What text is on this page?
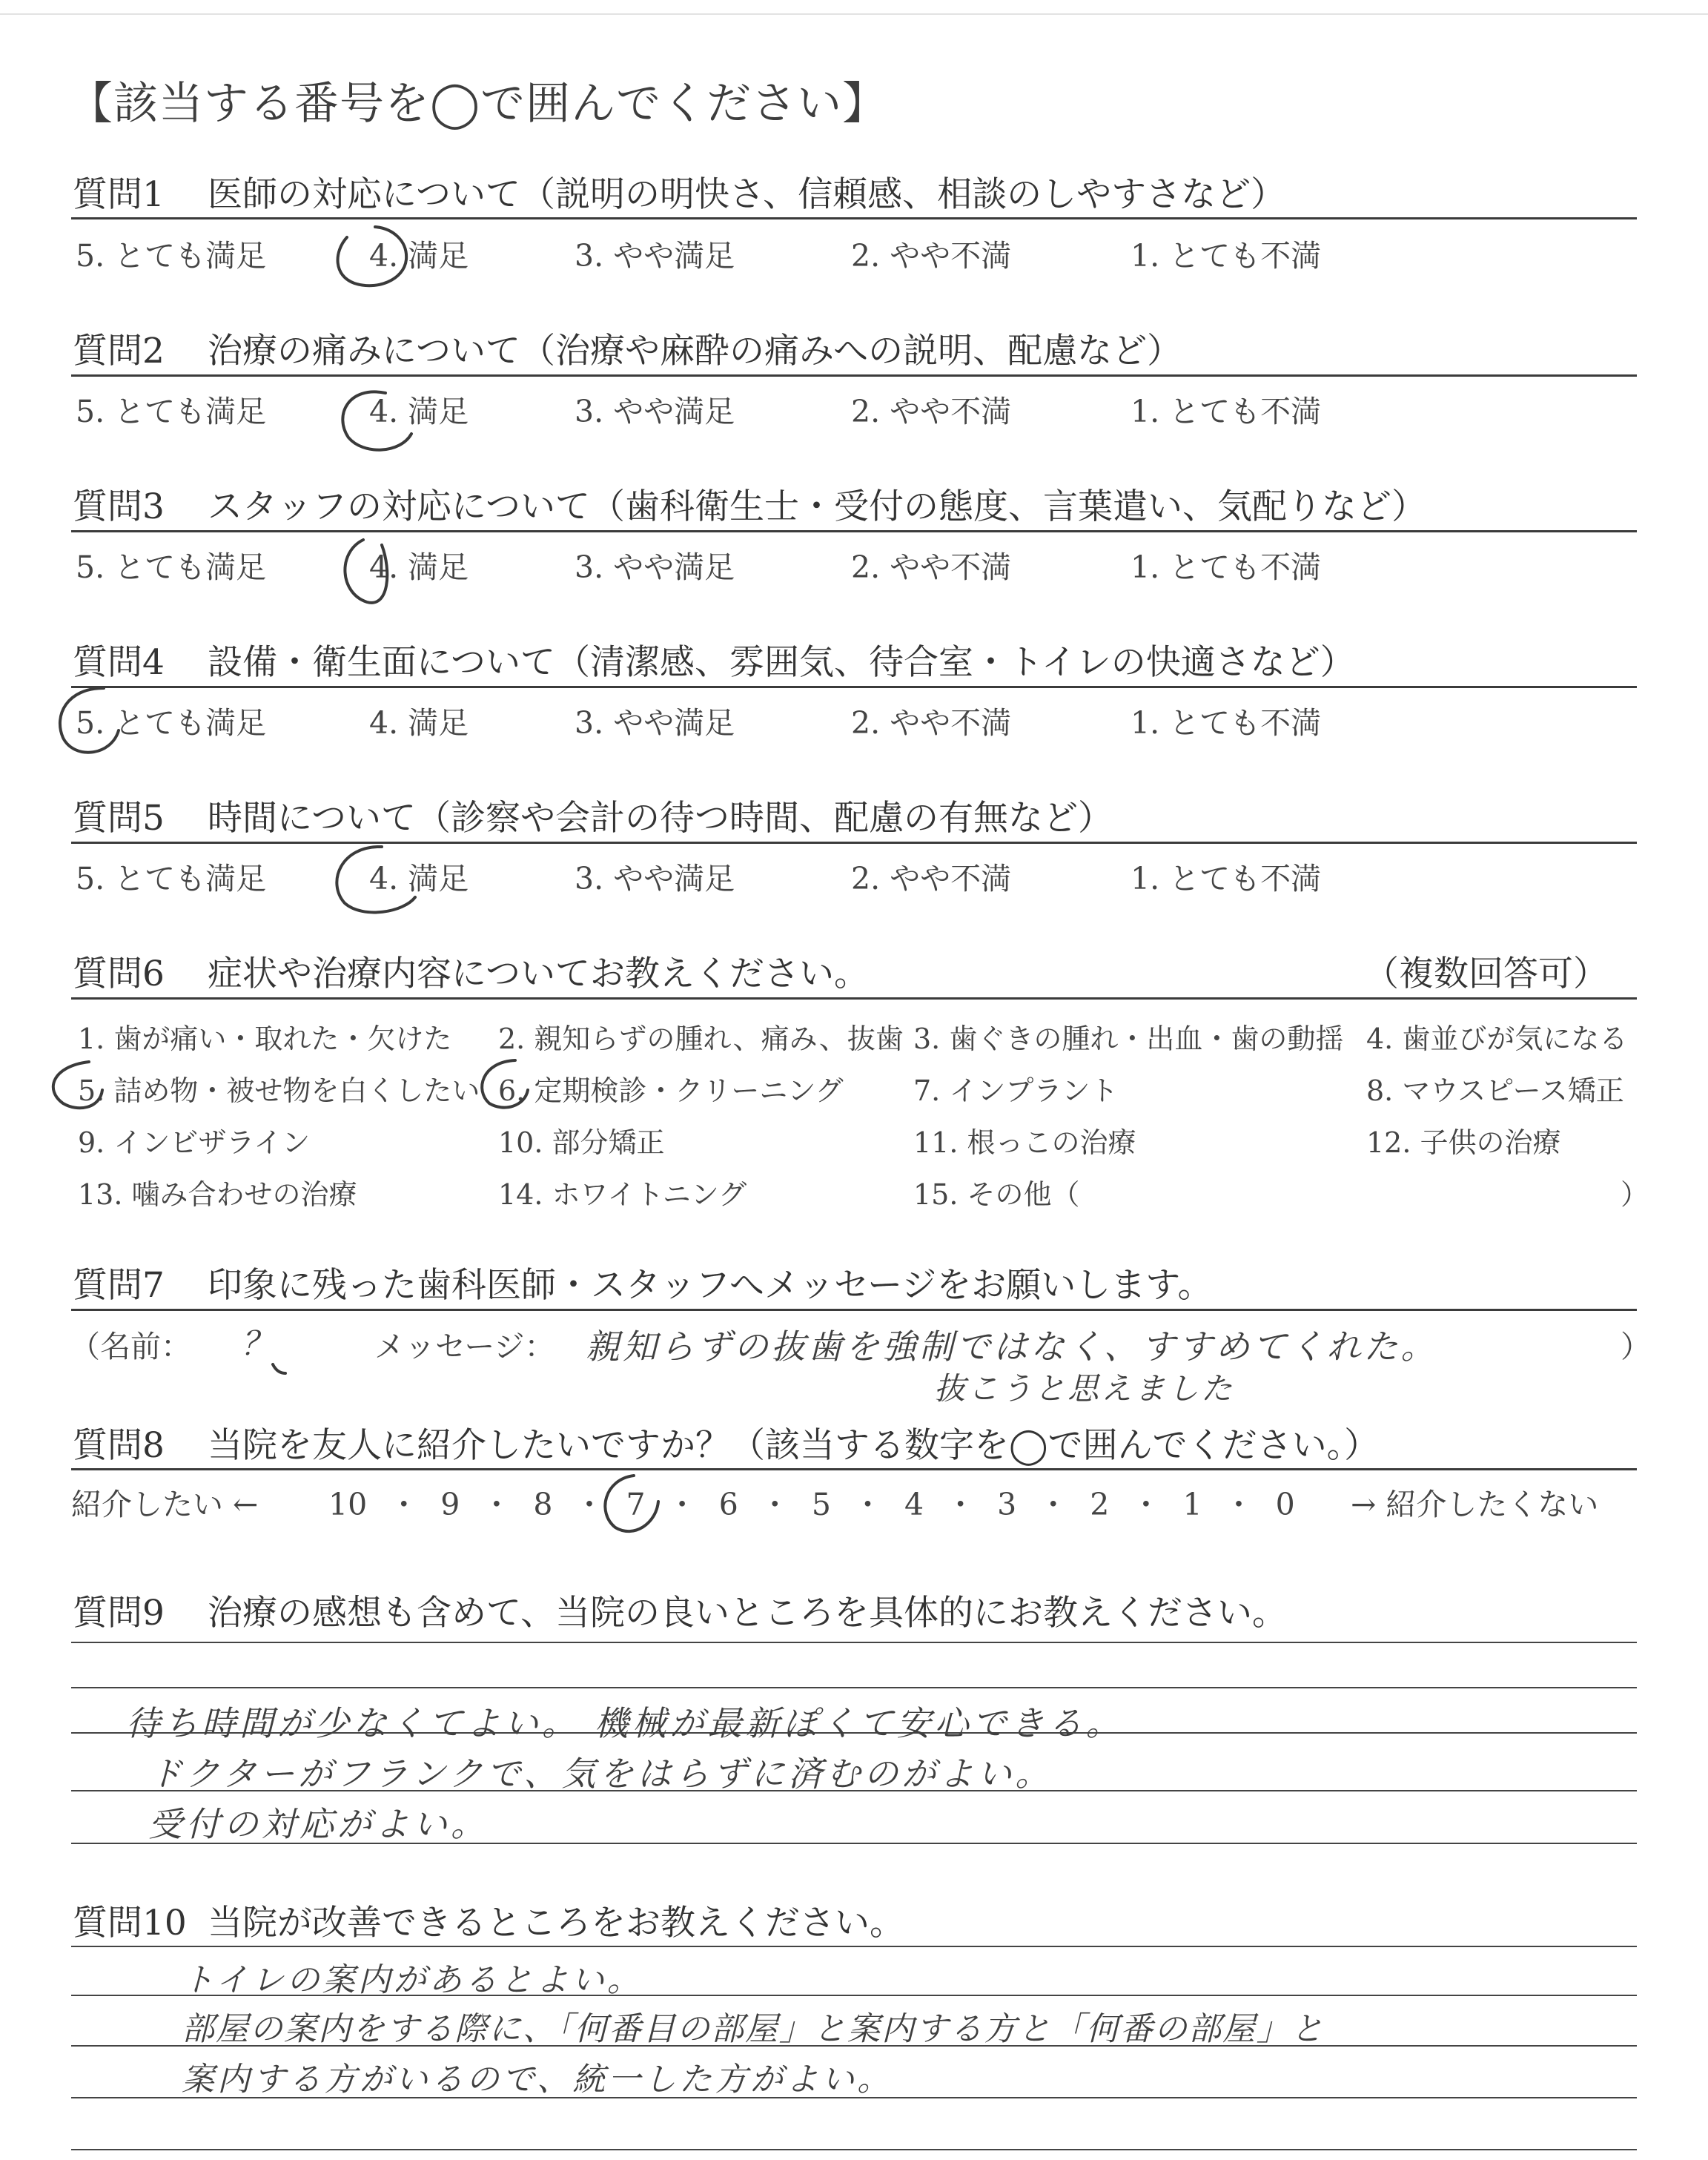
【該当する番号を◯で囲んでください】
質問1 医師の対応について（説明の明快さ、信頼感、相談のしやすさなど）
5. とても満足	4. 満足	3. やや満足	2. やや不満	1. とても不満
質問2 治療の痛みについて（治療や麻酔の痛みへの説明、配慮など）
5. とても満足	4. 満足	3. やや満足	2. やや不満	1. とても不満
質問3 スタッフの対応について（歯科衛生士・受付の態度、言葉遣い、気配りなど）
5. とても満足	4. 満足	3. やや満足	2. やや不満	1. とても不満
質問4 設備・衛生面について（清潔感、雰囲気、待合室・トイレの快適さなど）
5. とても満足	4. 満足	3. やや満足	2. やや不満	1. とても不満
質問5 時間について（診察や会計の待つ時間、配慮の有無など）
5. とても満足	4. 満足	3. やや満足	2. やや不満	1. とても不満
質問6 症状や治療内容についてお教えください。	（複数回答可）
1. 歯が痛い・取れた・欠けた 2. 親知らずの腫れ、痛み、抜歯 3. 歯ぐきの腫れ・出血・歯の動揺 4. 歯並びが気になる
5. 詰め物・被せ物を白くしたい 6. 定期検診・クリーニング 7. インプラント	8. マウスピース矯正
9. インビザライン	10. 部分矯正	11. 根っこの治療	12. 子供の治療
13. 噛み合わせの治療	14. ホワイトニング	15. その他（	）
質問7 印象に残った歯科医師・スタッフへメッセージをお願いします。
（名前： ？	メッセージ： 親知らずの抜歯を強制ではなく、すすめてくれた。
抜こうと思えました
）
質問8 当院を友人に紹介したいですか？（該当する数字を◯で囲んでください。）
紹介したい ← 10 ・ 9 ・ 8 ・ 7 ・ 6 ・ 5 ・ 4 ・ 3 ・ 2 ・ 1 ・ 0 → 紹介したくない
質問9 治療の感想も含めて、当院の良いところを具体的にお教えください。
待ち時間が少なくてよい。 機械が最新ぽくて安心できる。
ドクターがフランクで、気をはらずに済むのがよい。
受付の対応がよい。
質問10 当院が改善できるところをお教えください。
トイレの案内があるとよい。
部屋の案内をする際に、「何番目の部屋」と案内する方と「何番の部屋」と
案内する方がいるので、統一した方がよい。
